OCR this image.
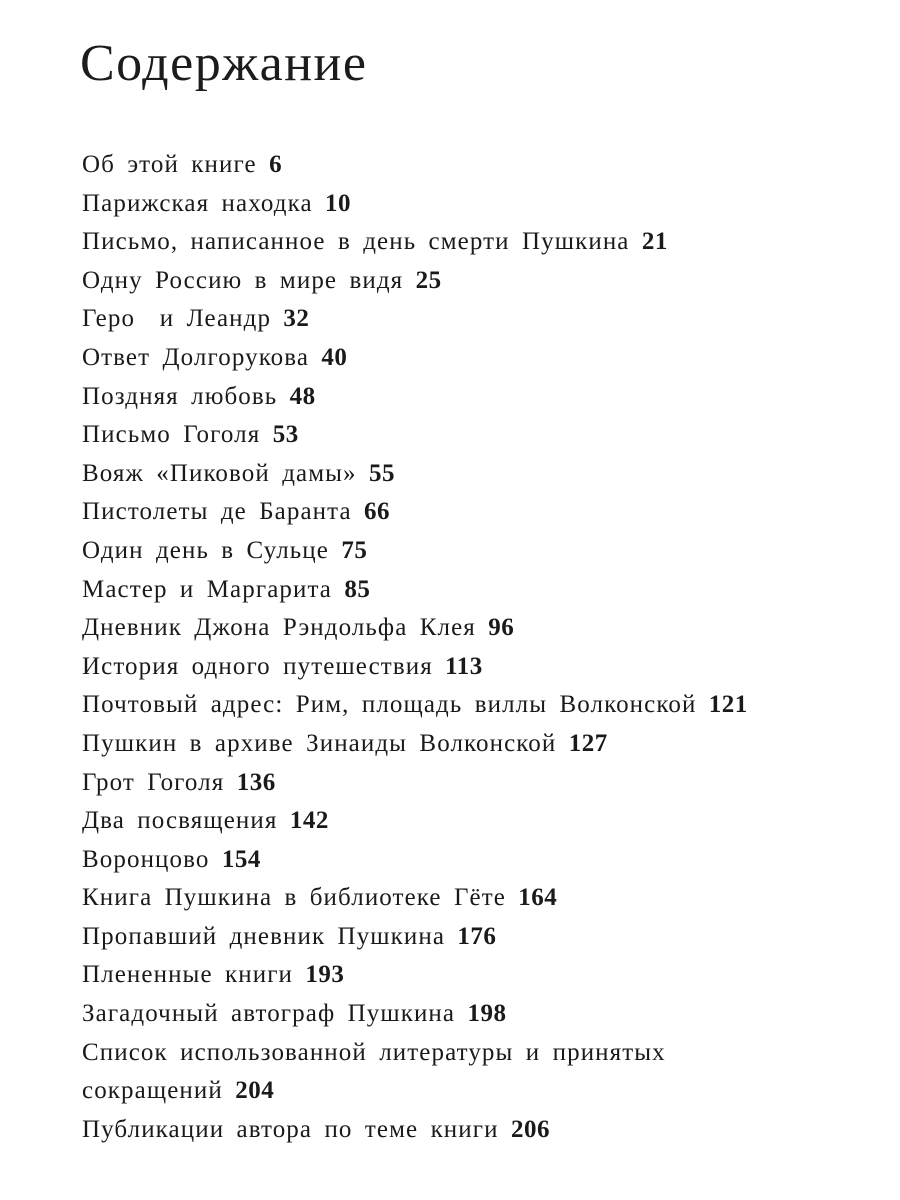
Содержание
Об этой книге 6
Парижская находка 10
Письмо, написанное в день смерти Пушкина 21
Одну Россию в мире видя 25
Геро  и Леандр 32
Ответ Долгорукова 40
Поздняя любовь 48
Письмо Гоголя 53
Вояж «Пиковой дамы» 55
Пистолеты де Баранта 66
Один день в Сульце 75
Мастер и Маргарита 85
Дневник Джона Рэндольфа Клея 96
История одного путешествия 113
Почтовый адрес: Рим, площадь виллы Волконской 121
Пушкин в архиве Зинаиды Волконской 127
Грот Гоголя 136
Два посвящения 142
Воронцово 154
Книга Пушкина в библиотеке Гёте 164
Пропавший дневник Пушкина 176
Плененные книги 193
Загадочный автограф Пушкина 198
Список использованной литературы и принятых сокращений 204
Публикации автора по теме книги 206
